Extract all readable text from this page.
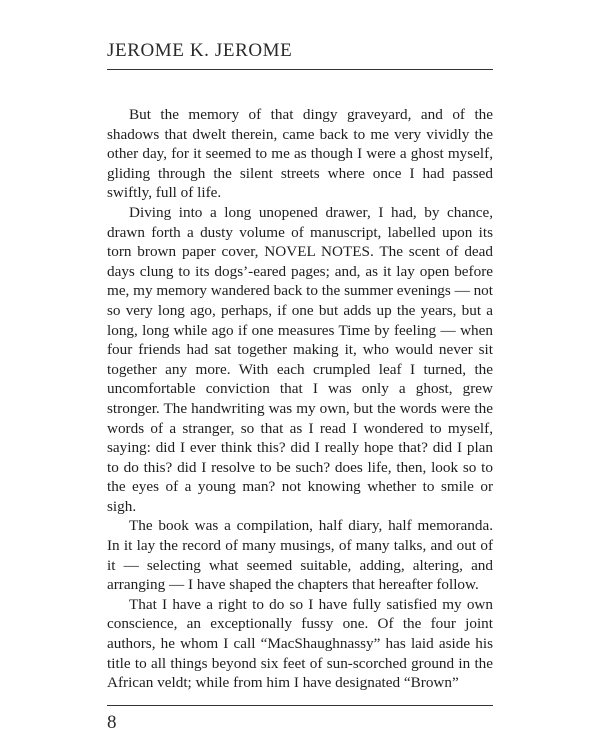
JEROME K. JEROME

But the memory of that dingy graveyard, and of the shadows that dwelt therein, came back to me very vividly the other day, for it seemed to me as though I were a ghost myself, gliding through the silent streets where once I had passed swiftly, full of life.

Diving into a long unopened drawer, I had, by chance, drawn forth a dusty volume of manuscript, labelled upon its torn brown paper cover, NOVEL NOTES. The scent of dead days clung to its dogs’-eared pages; and, as it lay open before me, my memory wandered back to the summer evenings — not so very long ago, perhaps, if one but adds up the years, but a long, long while ago if one measures Time by feeling — when four friends had sat together making it, who would never sit together any more. With each crumpled leaf I turned, the uncomfortable conviction that I was only a ghost, grew stronger. The handwriting was my own, but the words were the words of a stranger, so that as I read I wondered to myself, saying: did I ever think this? did I really hope that? did I plan to do this? did I resolve to be such? does life, then, look so to the eyes of a young man? not knowing whether to smile or sigh.

The book was a compilation, half diary, half memoranda. In it lay the record of many musings, of many talks, and out of it — selecting what seemed suitable, adding, altering, and arranging — I have shaped the chapters that hereafter follow.

That I have a right to do so I have fully satisfied my own conscience, an exceptionally fussy one. Of the four joint authors, he whom I call “MacShaughnassy” has laid aside his title to all things beyond six feet of sun-scorched ground in the African veldt; while from him I have designated “Brown”

8
